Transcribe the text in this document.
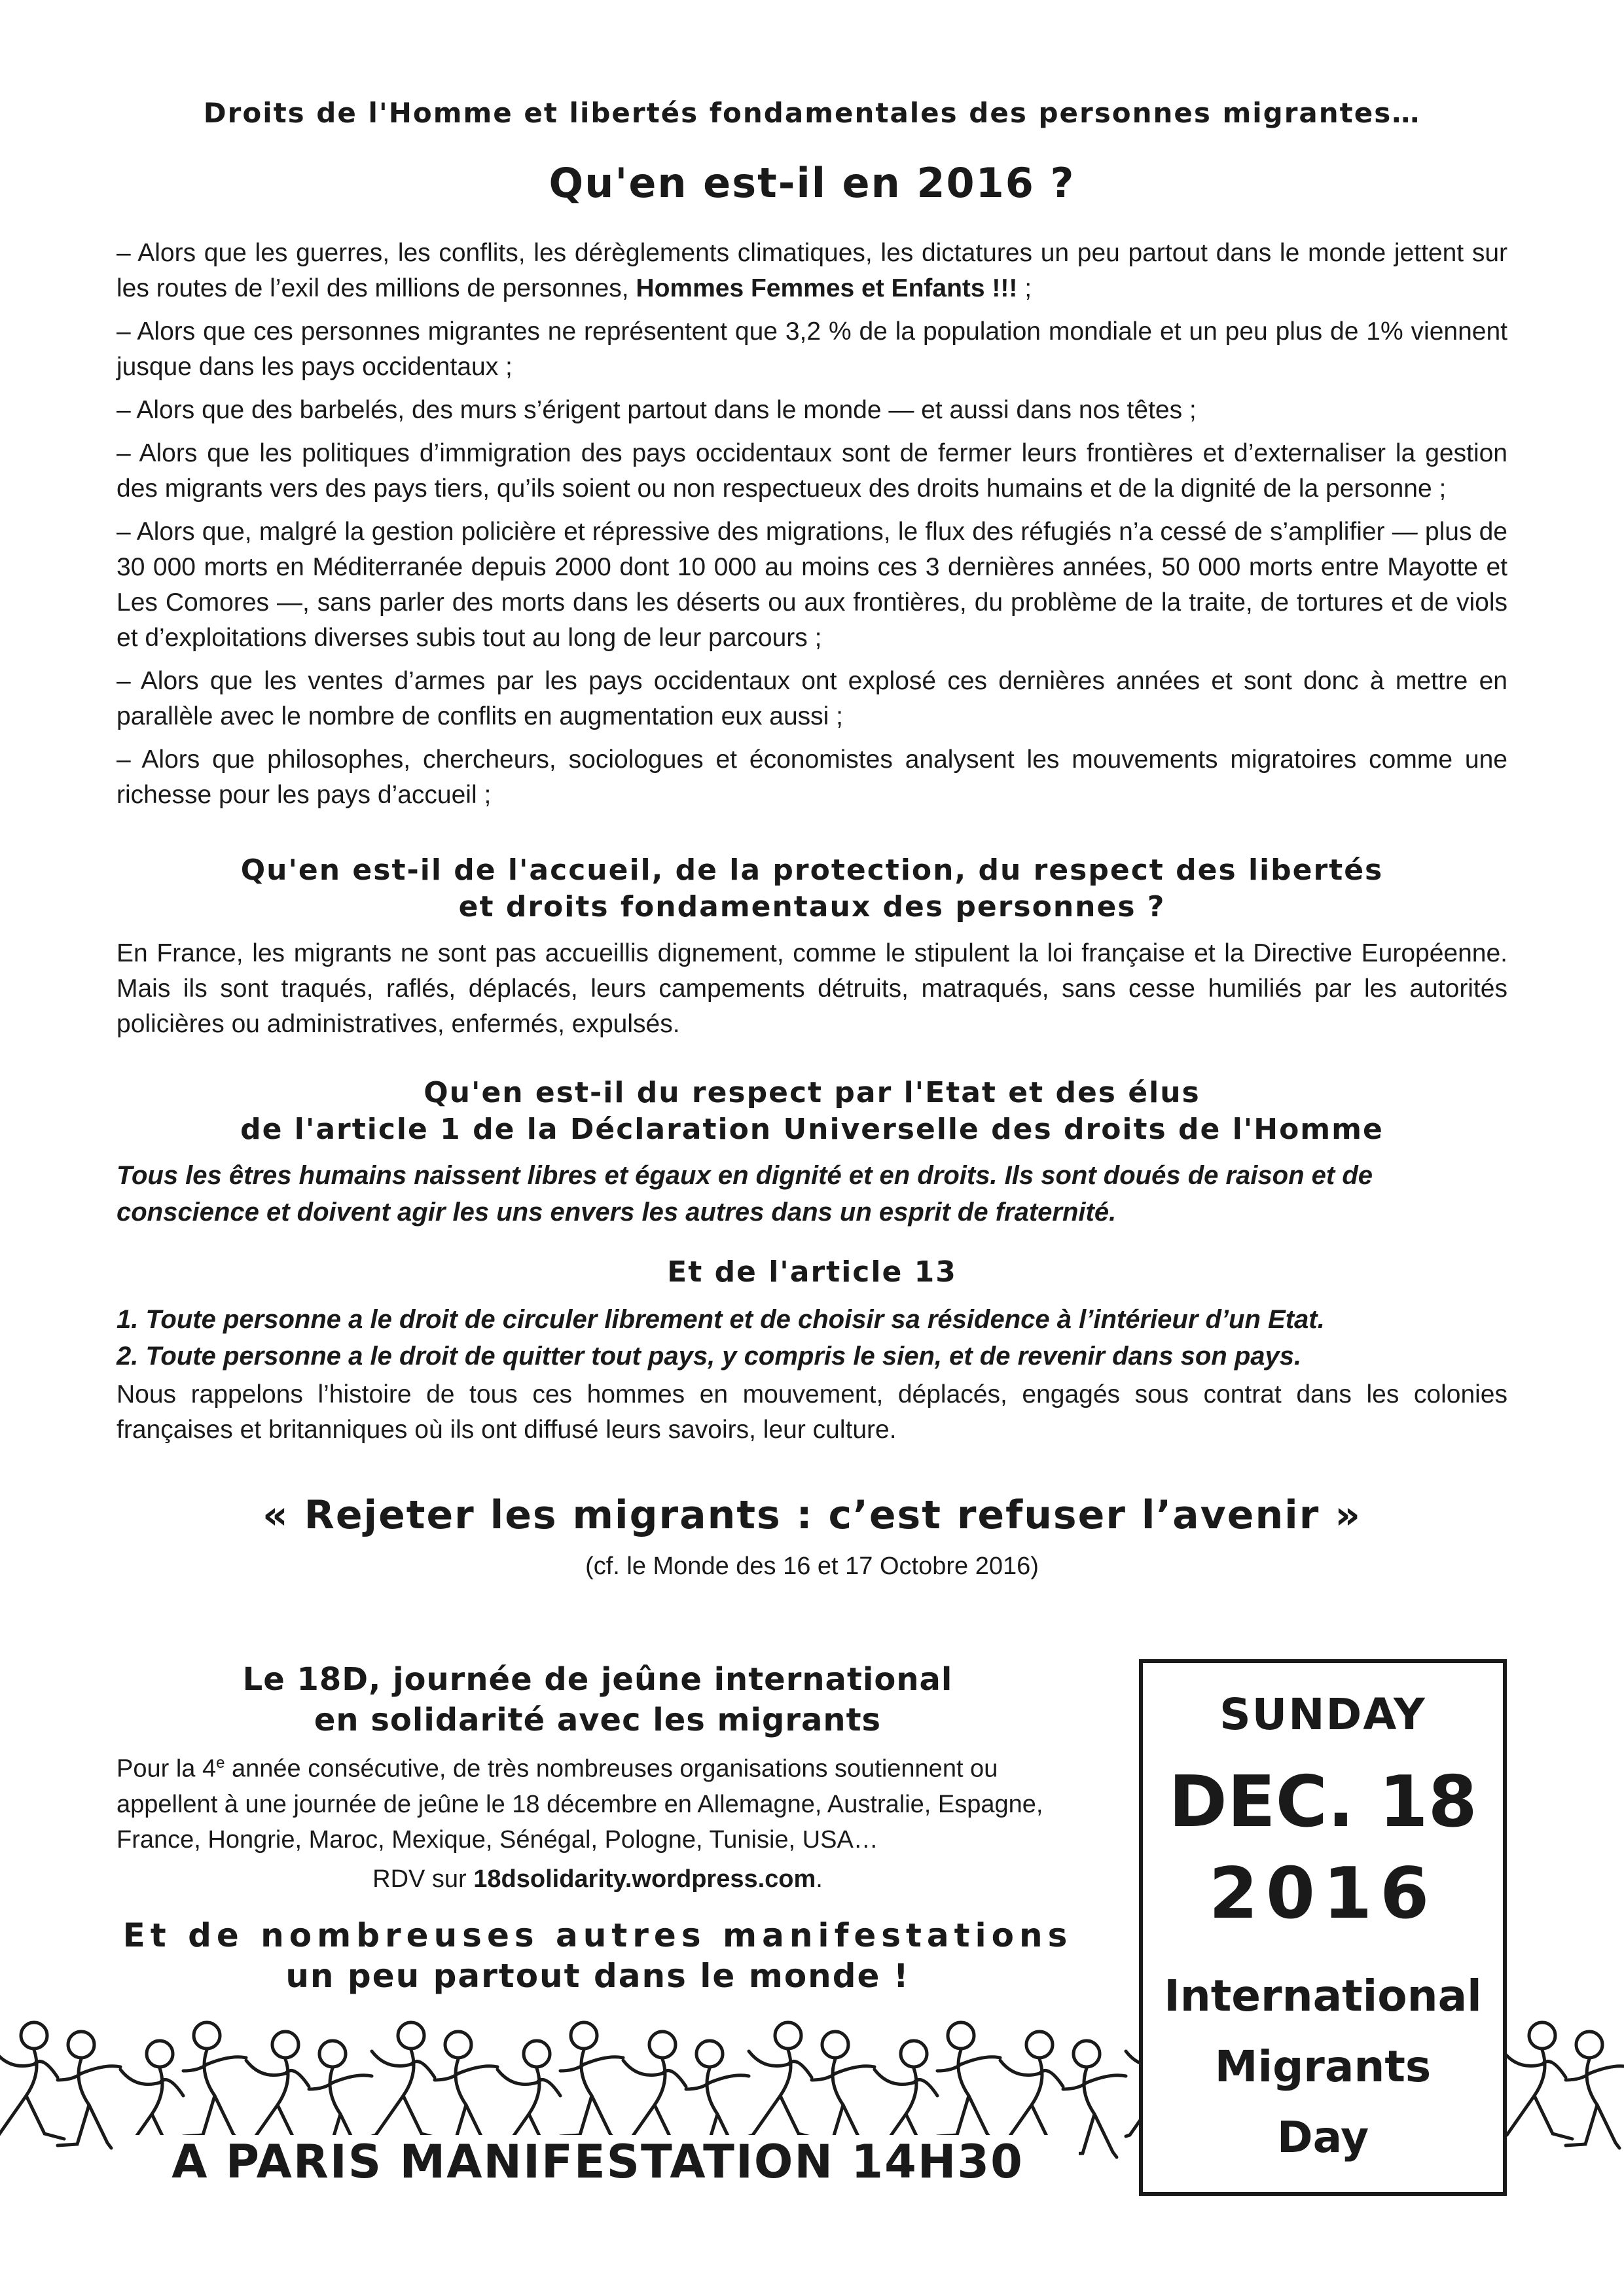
Droits de l'Homme et libertés fondamentales des personnes migrantes…
Qu'en est-il en 2016 ?

– Alors que les guerres, les conflits, les dérèglements climatiques, les dictatures un peu partout dans le monde jettent sur les routes de l’exil des millions de personnes, Hommes Femmes et Enfants !!! ;

– Alors que ces personnes migrantes ne représentent que 3,2 % de la population mondiale et un peu plus de 1% viennent jusque dans les pays occidentaux ;

– Alors que des barbelés, des murs s’érigent partout dans le monde — et aussi dans nos têtes ;

– Alors que les politiques d’immigration des pays occidentaux sont de fermer leurs frontières et d’externaliser la gestion des migrants vers des pays tiers, qu’ils soient ou non respectueux des droits humains et de la dignité de la personne ;

– Alors que, malgré la gestion policière et répressive des migrations, le flux des réfugiés n’a cessé de s’amplifier — plus de 30 000 morts en Méditerranée depuis 2000 dont 10 000 au moins ces 3 dernières années, 50 000 morts entre Mayotte et Les Comores —, sans parler des morts dans les déserts ou aux frontières, du problème de la traite, de tortures et de viols et d’exploitations diverses subis tout au long de leur parcours ;

– Alors que les ventes d’armes par les pays occidentaux ont explosé ces dernières années et sont donc à mettre en parallèle avec le nombre de conflits en augmentation eux aussi ;

– Alors que philosophes, chercheurs, sociologues et économistes analysent les mouvements migratoires comme une richesse pour les pays d’accueil ;

Qu'en est-il de l'accueil, de la protection, du respect des libertés

et droits fondamentaux des personnes ?

En France, les migrants ne sont pas accueillis dignement, comme le stipulent la loi française et la Directive Européenne. Mais ils sont traqués, raflés, déplacés, leurs campements détruits, matraqués, sans cesse humiliés par les autorités policières ou administratives, enfermés, expulsés.

Qu'en est-il du respect par l'Etat et des élus

de l'article 1 de la Déclaration Universelle des droits de l'Homme

Tous les êtres humains naissent libres et égaux en dignité et en droits. Ils sont doués de raison et de conscience et doivent agir les uns envers les autres dans un esprit de fraternité.

Et de l'article 13

1. Toute personne a le droit de circuler librement et de choisir sa résidence à l’intérieur d’un Etat.

2. Toute personne a le droit de quitter tout pays, y compris le sien, et de revenir dans son pays.

Nous rappelons l’histoire de tous ces hommes en mouvement, déplacés, engagés sous contrat dans les colonies françaises et britanniques où ils ont diffusé leurs savoirs, leur culture.

« Rejeter les migrants : c’est refuser l’avenir »
(cf. le Monde des 16 et 17 Octobre 2016)

Le 18D, journée de jeûne international

en solidarité avec les migrants

Pour la 4e année consécutive, de très nombreuses organisations soutiennent ou appellent à une journée de jeûne le 18 décembre en Allemagne, Australie, Espagne, France, Hongrie, Maroc, Mexique, Sénégal, Pologne, Tunisie, USA…

RDV sur 18dsolidarity.wordpress.com.

Et de nombreuses autres manifestations
un peu partout dans le monde !

SUNDAY
DEC. 18
2016
International
Migrants
Day
A PARIS MANIFESTATION 14H30
